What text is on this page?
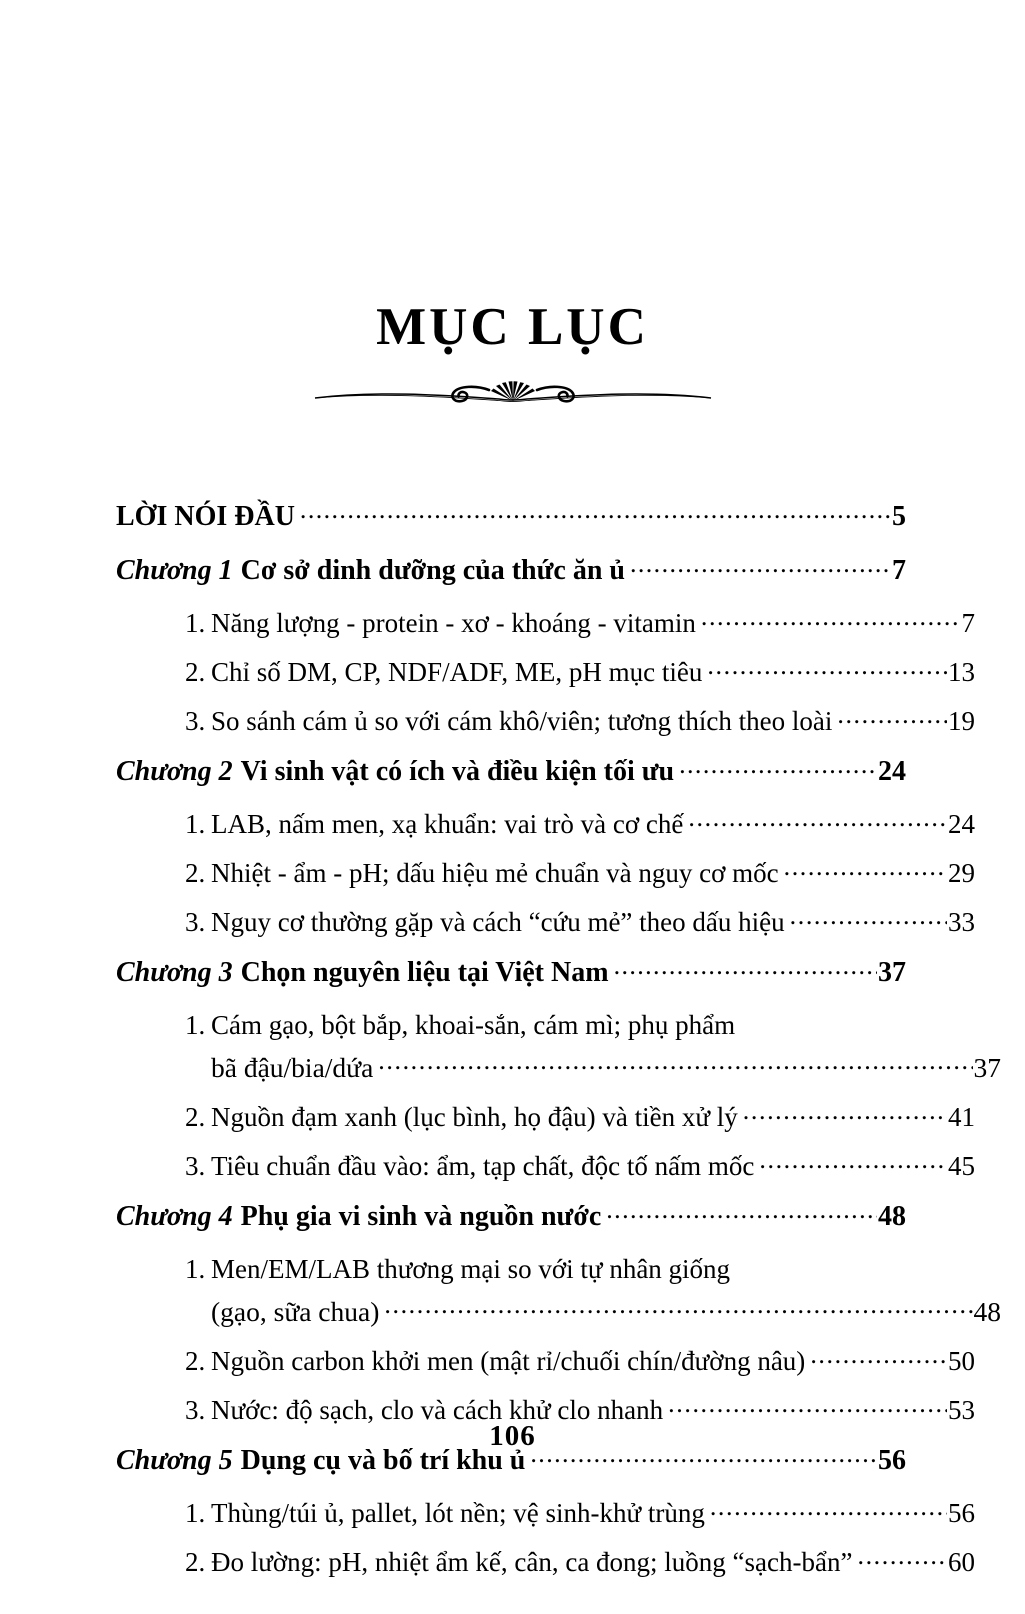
MỤC LỤC
LỜI NÓI ĐẦU .....	5
Chương 1 Cơ sở dinh dưỡng của thức ăn ủ .....	7
1. Năng lượng - protein - xơ - khoáng - vitamin .....	7
2. Chỉ số DM, CP, NDF/ADF, ME, pH mục tiêu .....	13
3. So sánh cám ủ so với cám khô/viên; tương thích theo loài .....	19
Chương 2 Vi sinh vật có ích và điều kiện tối ưu .....	24
1. LAB, nấm men, xạ khuẩn: vai trò và cơ chế .....	24
2. Nhiệt - ẩm - pH; dấu hiệu mẻ chuẩn và nguy cơ mốc .....	29
3. Nguy cơ thường gặp và cách “cứu mẻ” theo dấu hiệu .....	33
Chương 3 Chọn nguyên liệu tại Việt Nam .....	37
1. Cám gạo, bột bắp, khoai-sắn, cám mì; phụ phẩm
bã đậu/bia/dứa .....	37
2. Nguồn đạm xanh (lục bình, họ đậu) và tiền xử lý .....	41
3. Tiêu chuẩn đầu vào: ẩm, tạp chất, độc tố nấm mốc .....	45
Chương 4 Phụ gia vi sinh và nguồn nước .....	48
1. Men/EM/LAB thương mại so với tự nhân giống
(gạo, sữa chua) .....	48
2. Nguồn carbon khởi men (mật rỉ/chuối chín/đường nâu) .....	50
3. Nước: độ sạch, clo và cách khử clo nhanh .....	53
Chương 5 Dụng cụ và bố trí khu ủ .....	56
1. Thùng/túi ủ, pallet, lót nền; vệ sinh-khử trùng .....	56
2. Đo lường: pH, nhiệt ẩm kế, cân, ca đong; luồng “sạch-bẩn” .....	60
106
